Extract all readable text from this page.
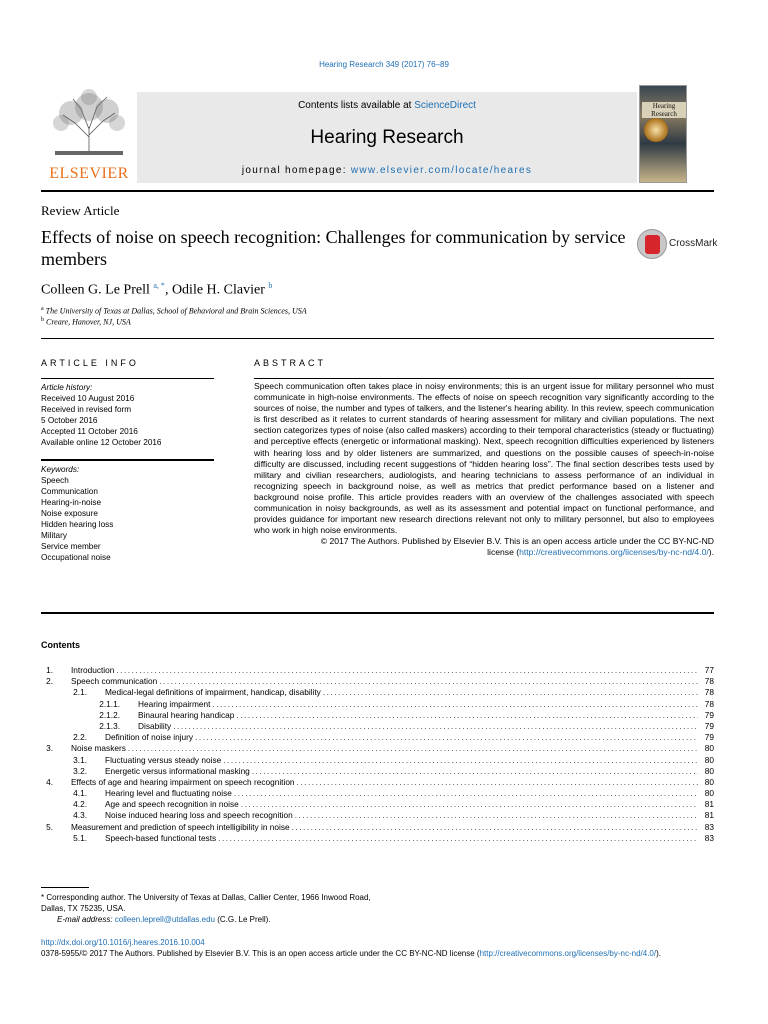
Hearing Research 349 (2017) 76–89
ELSEVIER
Contents lists available at ScienceDirect
Hearing Research
journal homepage: www.elsevier.com/locate/heares
Hearing Research
Review Article
Effects of noise on speech recognition: Challenges for communication by service members
CrossMark
Colleen G. Le Prell $^{a, *}$, Odile H. Clavier $^b$
$^a$ The University of Texas at Dallas, School of Behavioral and Brain Sciences, USA
$^b$ Creare, Hanover, NJ, USA
ARTICLE INFO	ABSTRACT
Article history:
Received 10 August 2016
Received in revised form
5 October 2016
Accepted 11 October 2016
Available online 12 October 2016
Keywords:
Speech
Communication
Hearing-in-noise
Noise exposure
Hidden hearing loss
Military
Service member
Occupational noise
Speech communication often takes place in noisy environments; this is an urgent issue for military personnel who must communicate in high-noise environments. The effects of noise on speech recognition vary significantly according to the sources of noise, the number and types of talkers, and the listener's hearing ability. In this review, speech communication is first described as it relates to current standards of hearing assessment for military and civilian populations. The next section categorizes types of noise (also called maskers) according to their temporal characteristics (steady or fluctuating) and perceptive effects (energetic or informational masking). Next, speech recognition difficulties experienced by listeners with hearing loss and by older listeners are summarized, and questions on the possible causes of speech-in-noise difficulty are discussed, including recent suggestions of “hidden hearing loss”. The final section describes tests used by military and civilian researchers, audiologists, and hearing technicians to assess performance of an individual in recognizing speech in background noise, as well as metrics that predict performance based on a listener and background noise profile. This article provides readers with an overview of the challenges associated with speech communication in noisy backgrounds, as well as its assessment and potential impact on functional performance, and provides guidance for important new research directions relevant not only to military personnel, but also to employees who work in high noise environments.
© 2017 The Authors. Published by Elsevier B.V. This is an open access article under the CC BY-NC-ND
license (http://creativecommons.org/licenses/by-nc-nd/4.0/).
Contents
1. Introduction .....	77
2. Speech communication .....	78
2.1. Medical-legal definitions of impairment, handicap, disability .....	78
2.1.1. Hearing impairment .....	78
2.1.2. Binaural hearing handicap .....	79
2.1.3. Disability .....	79
2.2. Definition of noise injury .....	79
3. Noise maskers .....	80
3.1. Fluctuating versus steady noise .....	80
3.2. Energetic versus informational masking .....	80
4. Effects of age and hearing impairment on speech recognition .....	80
4.1. Hearing level and fluctuating noise .....	80
4.2. Age and speech recognition in noise .....	81
4.3. Noise induced hearing loss and speech recognition .....	81
5. Measurement and prediction of speech intelligibility in noise .....	83
5.1. Speech-based functional tests .....	83
* Corresponding author. The University of Texas at Dallas, Callier Center, 1966 Inwood Road, Dallas, TX 75235, USA.
E-mail address: colleen.leprell@utdallas.edu (C.G. Le Prell).
http://dx.doi.org/10.1016/j.heares.2016.10.004
0378-5955/© 2017 The Authors. Published by Elsevier B.V. This is an open access article under the CC BY-NC-ND license (http://creativecommons.org/licenses/by-nc-nd/4.0/).
